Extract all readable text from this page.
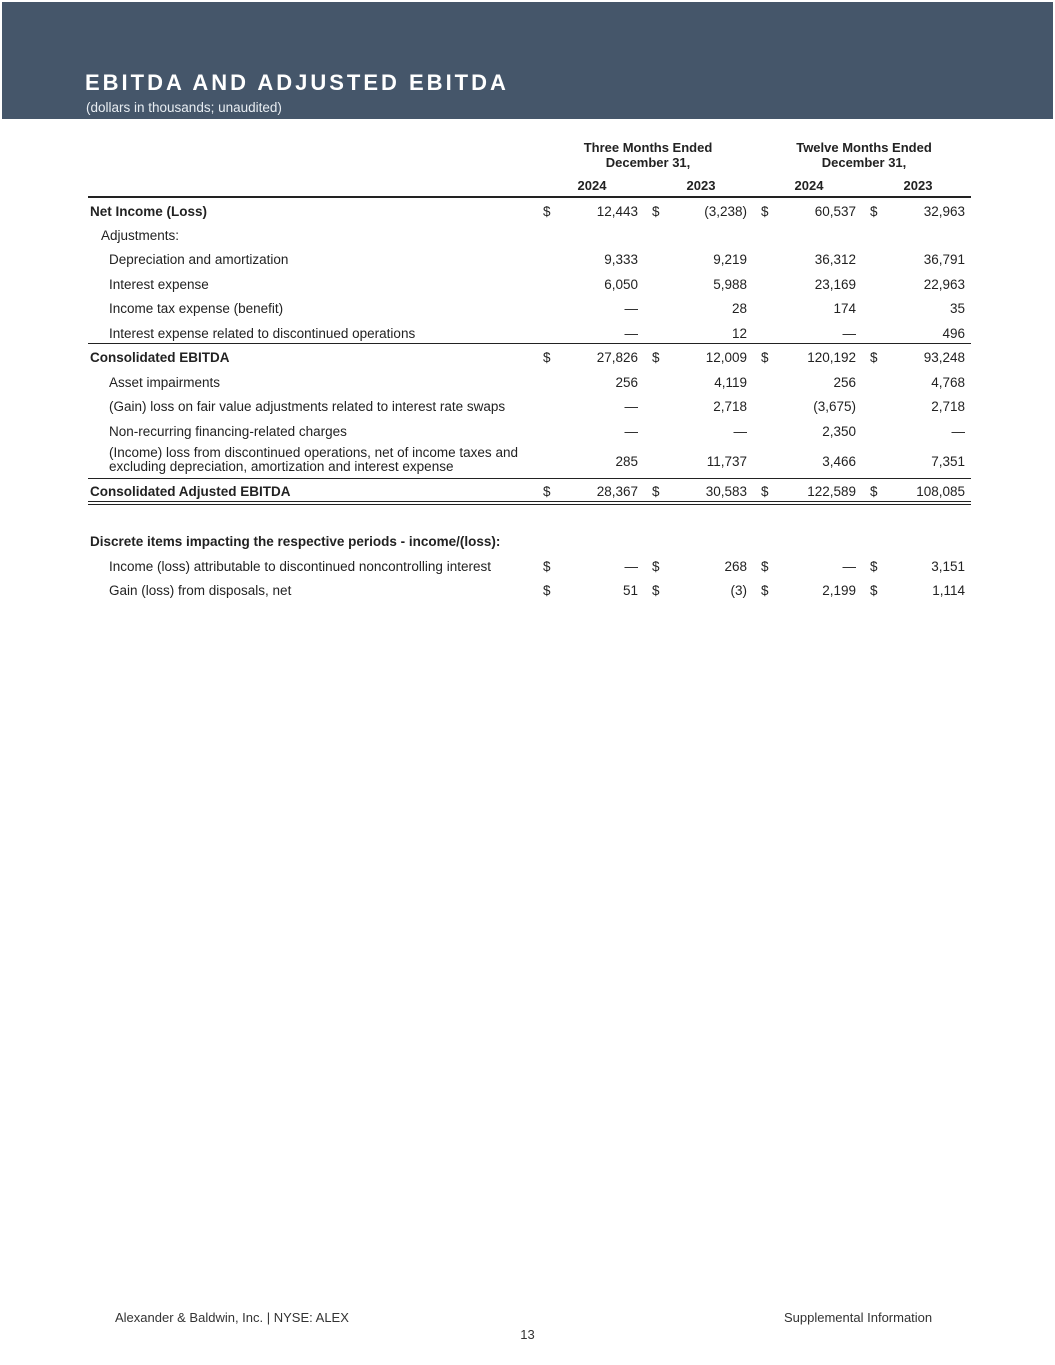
EBITDA AND ADJUSTED EBITDA
(dollars in thousands; unaudited)
Three Months Ended
December 31,
Twelve Months Ended
December 31,
2024	2023	2024	2023
Net Income (Loss)	$	12,443 $	(3,238) $	60,537 $	32,963
Adjustments:
Depreciation and amortization	9,333	9,219	36,312	36,791
Interest expense	6,050	5,988	23,169	22,963
Income tax expense (benefit)	—	28	174	35
Interest expense related to discontinued operations	—	12	—	496
Consolidated EBITDA	$	27,826 $	12,009 $	120,192 $	93,248
Asset impairments	256	4,119	256	4,768
(Gain) loss on fair value adjustments related to interest rate swaps	—	2,718	(3,675)	2,718
Non-recurring financing-related charges	—	—	2,350	—
(Income) loss from discontinued operations, net of income taxes and
excluding depreciation, amortization and interest expense	285	11,737	3,466	7,351
Consolidated Adjusted EBITDA	$	28,367 $	30,583 $	122,589 $	108,085
Discrete items impacting the respective periods - income/(loss):
Income (loss) attributable to discontinued noncontrolling interest	$	— $	268 $	— $	3,151
Gain (loss) from disposals, net	$	51 $	(3) $	2,199 $	1,114
Alexander & Baldwin, Inc. | NYSE: ALEX	Supplemental Information
13
